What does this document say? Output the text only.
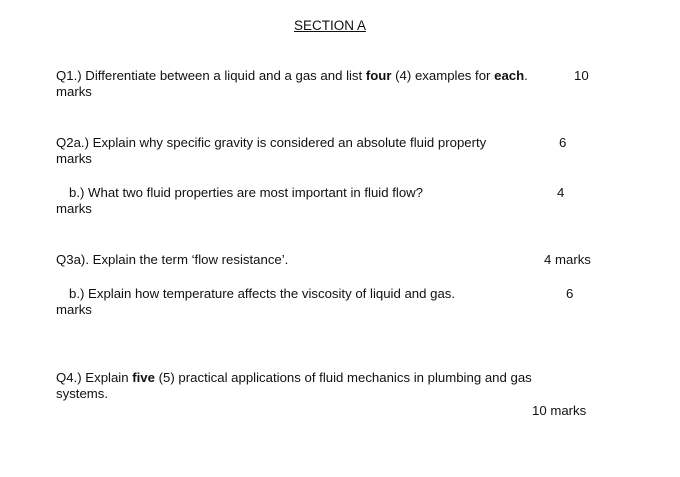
SECTION A
Q1.) Differentiate between a liquid and a gas and list four (4) examples for each.	10
marks
Q2a.) Explain why specific gravity is considered an absolute fluid property	6
marks
b.) What two fluid properties are most important in fluid flow?	4
marks
Q3a). Explain the term ‘flow resistance’.	4 marks
b.) Explain how temperature affects the viscosity of liquid and gas.	6
marks
Q4.) Explain five (5) practical applications of fluid mechanics in plumbing and gas
systems.
10 marks
